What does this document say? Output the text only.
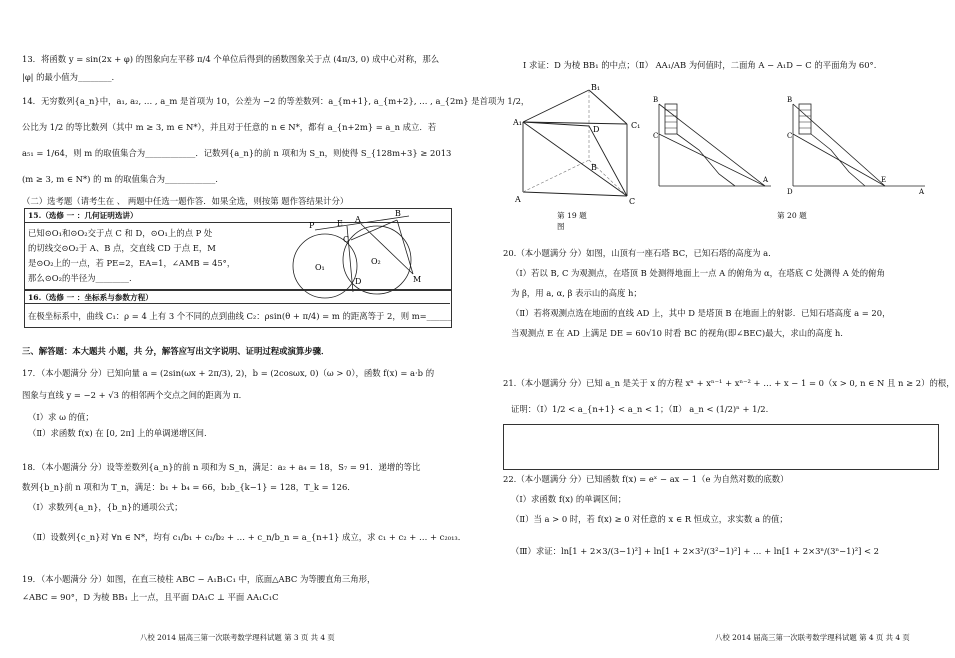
13．将函数 y = sin(2x + φ) 的图象向左平移 π/4 个单位后得到的函数图象关于点 (4π/3, 0) 成中心对称，那么
|φ| 的最小值为________.
14．无穷数列{a_n}中，a₁, a₂, … , a_m 是首项为 10，公差为 −2 的等差数列：a_{m+1}, a_{m+2}, … , a_{2m} 是首项为 1/2，
公比为 1/2 的等比数列（其中 m ≥ 3, m ∈ N*），并且对于任意的 n ∈ N*，都有 a_{n+2m} = a_n 成立．若
a₅₁ = 1/64，则 m 的取值集合为____________．记数列{a_n}的前 n 项和为 S_n，则使得 S_{128m+3} ≥ 2013
(m ≥ 3, m ∈ N*) 的 m 的取值集合为____________.
（二）选考题（请考生在 、 两题中任选一题作答．如果全选，则按第 题作答结果计分）
15.（选修 一 ：几何证明选讲）
已知⊙O₁和⊙O₂交于点 C 和 D，⊙O₁上的点 P 处
的切线交⊙O₂于 A、B 点，交直线 CD 于点 E，M
是⊙O₂上的一点，若 PE=2，EA=1，∠AMB = 45°，
那么⊙O₂的半径为________.
P	E A
B
C
D
O₁
O₂
M
16.（选修 一 ：坐标系与参数方程）
在极坐标系中，曲线 C₁：ρ = 4 上有 3 个不同的点到曲线 C₂：ρsin(θ + π/4) = m 的距离等于 2，则 m=______
三、解答题：本大题共 小题，共 分，解答应写出文字说明、证明过程或演算步骤．
17．（本小题满分 分）已知向量 a = (2sin(ωx + 2π/3), 2)，b = (2cosωx, 0)（ω > 0），函数 f(x) = a·b 的
图象与直线 y = −2 + √3 的相邻两个交点之间的距离为 π．
（Ⅰ）求 ω 的值；
（Ⅱ）求函数 f(x) 在 [0, 2π] 上的单调递增区间.
18．（本小题满分 分）设等差数列{a_n}的前 n 项和为 S_n，满足：a₂ + a₄ = 18，S₇ = 91．递增的等比
数列{b_n}前 n 项和为 T_n，满足：b₁ + b₄ = 66，b₂b_{k−1} = 128，T_k = 126．
（Ⅰ）求数列{a_n}，{b_n}的通项公式；
（Ⅱ）设数列{c_n}对 ∀n ∈ N*，均有 c₁/b₁ + c₂/b₂ + … + c_n/b_n = a_{n+1} 成立，求 c₁ + c₂ + … + c₂₀₁₃．
19．（本小题满分 分）如图，在直三棱柱 ABC − A₁B₁C₁ 中，底面△ABC 为等腰直角三角形，
∠ABC = 90°，D 为棱 BB₁ 上一点，且平面 DA₁C ⊥ 平面 AA₁C₁C
八校 2014 届高三第一次联考数学理科试题 第 3 页 共 4 页
Ⅰ 求证：D 为棱 BB₁ 的中点；（Ⅱ） AA₁/AB 为何值时，二面角 A − A₁D − C 的平面角为 60°.
A₁
B₁
C₁
D
A
B
C
第 19 题图
B
C
A
B
C
D
E
A
第 20 题
20.（本小题满分 分）如图，山顶有一座石塔 BC，已知石塔的高度为 a．
（Ⅰ）若以 B, C 为观测点，在塔顶 B 处测得地面上一点 A 的俯角为 α，在塔底 C 处测得 A 处的俯角
为 β，用 a, α, β 表示山的高度 h；
（Ⅱ）若将观测点选在地面的直线 AD 上，其中 D 是塔顶 B 在地面上的射影．已知石塔高度 a = 20，
当观测点 E 在 AD 上满足 DE = 60√10 时看 BC 的视角(即∠BEC)最大，求山的高度 h.
21.（本小题满分 分）已知 a_n 是关于 x 的方程 xⁿ + xⁿ⁻¹ + xⁿ⁻² + … + x − 1 = 0（x > 0, n ∈ N 且 n ≥ 2）的根，
证明：（Ⅰ）1/2 < a_{n+1} < a_n < 1；（Ⅱ） a_n < (1/2)ⁿ + 1/2.
22.（本小题满分 分）已知函数 f(x) = eˣ − ax − 1（e 为自然对数的底数）
（Ⅰ）求函数 f(x) 的单调区间；
（Ⅱ）当 a > 0 时，若 f(x) ≥ 0 对任意的 x ∈ R 恒成立，求实数 a 的值；
（Ⅲ）求证：ln[1 + 2×3/(3−1)²] + ln[1 + 2×3²/(3²−1)²] + … + ln[1 + 2×3ⁿ/(3ⁿ−1)²] < 2
八校 2014 届高三第一次联考数学理科试题 第 4 页 共 4 页
